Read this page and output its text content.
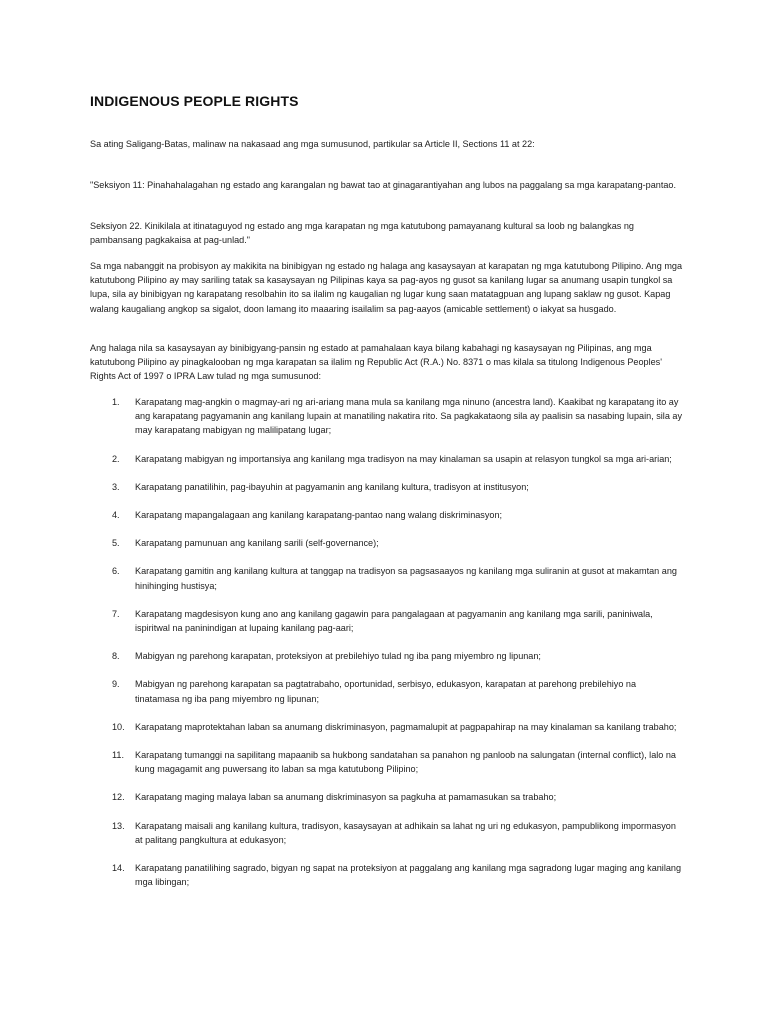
INDIGENOUS PEOPLE RIGHTS

Sa ating Saligang-Batas, malinaw na nakasaad ang mga sumusunod, partikular sa Article II, Sections 11 at 22:

"Seksiyon 11: Pinahahalagahan ng estado ang karangalan ng bawat tao at ginagarantiyahan ang lubos na paggalang sa mga karapatang-pantao.

Seksiyon 22. Kinikilala at itinataguyod ng estado ang mga karapatan ng mga katutubong pamayanang kultural sa loob ng balangkas ng pambansang pagkakaisa at pag-unlad."

Sa mga nabanggit na probisyon ay makikita na binibigyan ng estado ng halaga ang kasaysayan at karapatan ng mga katutubong Pilipino. Ang mga katutubong Pilipino ay may sariling tatak sa kasaysayan ng Pilipinas kaya sa pag-ayos ng gusot sa kanilang lugar sa anumang usapin tungkol sa lupa, sila ay binibigyan ng karapatang resolbahin ito sa ilalim ng kaugalian ng lugar kung saan matatagpuan ang lupang saklaw ng gusot. Kapag walang kaugaliang angkop sa sigalot, doon lamang ito maaaring isailalim sa pag-aayos (amicable settlement) o iakyat sa husgado.

Ang halaga nila sa kasaysayan ay binibigyang-pansin ng estado at pamahalaan kaya bilang kabahagi ng kasaysayan ng Pilipinas, ang mga katutubong Pilipino ay pinagkalooban ng mga karapatan sa ilalim ng Republic Act (R.A.) No. 8371 o mas kilala sa titulong Indigenous Peoples' Rights Act of 1997 o IPRA Law tulad ng mga sumusunod:

1. Karapatang mag-angkin o magmay-ari ng ari-ariang mana mula sa kanilang mga ninuno (ancestra land). Kaakibat ng karapatang ito ay ang karapatang pagyamanin ang kanilang lupain at manatiling nakatira rito. Sa pagkakataong sila ay paalisin sa nasabing lupain, sila ay may karapatang mabigyan ng malilipatang lugar;
2. Karapatang mabigyan ng importansiya ang kanilang mga tradisyon na may kinalaman sa usapin at relasyon tungkol sa mga ari-arian;
3. Karapatang panatilihin, pag-ibayuhin at pagyamanin ang kanilang kultura, tradisyon at institusyon;
4. Karapatang mapangalagaan ang kanilang karapatang-pantao nang walang diskriminasyon;
5. Karapatang pamunuan ang kanilang sarili (self-governance);
6. Karapatang gamitin ang kanilang kultura at tanggap na tradisyon sa pagsasaayos ng kanilang mga suliranin at gusot at makamtan ang hinihinging hustisya;
7. Karapatang magdesisyon kung ano ang kanilang gagawin para pangalagaan at pagyamanin ang kanilang mga sarili, paniniwala, ispiritwal na paninindigan at lupaing kanilang pag-aari;
8. Mabigyan ng parehong karapatan, proteksiyon at prebilehiyo tulad ng iba pang miyembro ng lipunan;
9. Mabigyan ng parehong karapatan sa pagtatrabaho, oportunidad, serbisyo, edukasyon, karapatan at parehong prebilehiyo na tinatamasa ng iba pang miyembro ng lipunan;
10. Karapatang maprotektahan laban sa anumang diskriminasyon, pagmamalupit at pagpapahirap na may kinalaman sa kanilang trabaho;
11. Karapatang tumanggi na sapilitang mapaanib sa hukbong sandatahan sa panahon ng panloob na salungatan (internal conflict), lalo na kung magagamit ang puwersang ito laban sa mga katutubong Pilipino;
12. Karapatang maging malaya laban sa anumang diskriminasyon sa pagkuha at pamamasukan sa trabaho;
13. Karapatang maisali ang kanilang kultura, tradisyon, kasaysayan at adhikain sa lahat ng uri ng edukasyon, pampublikong impormasyon at palitang pangkultura at edukasyon;
14. Karapatang panatilihing sagrado, bigyan ng sapat na proteksiyon at paggalang ang kanilang mga sagradong lugar maging ang kanilang mga libingan;
